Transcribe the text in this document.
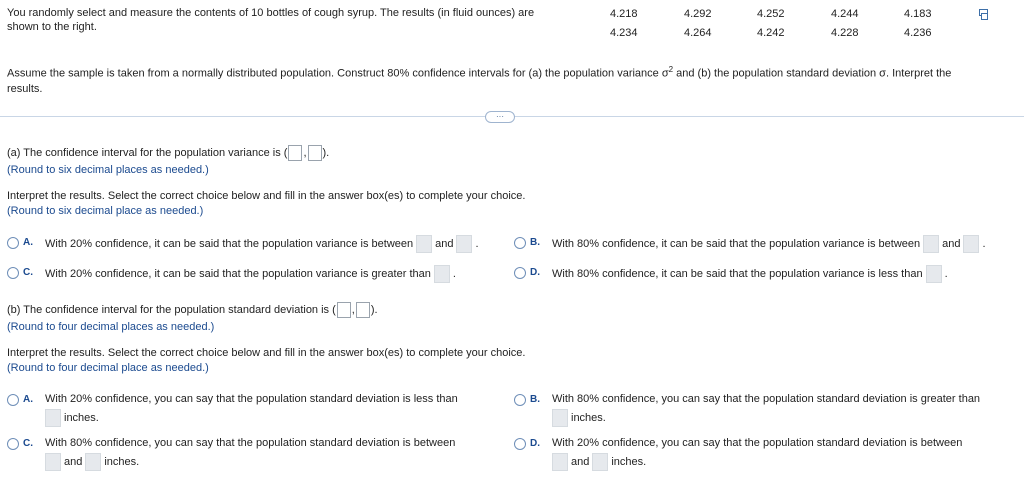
You randomly select and measure the contents of 10 bottles of cough syrup. The results (in fluid ounces) are
shown to the right.
4.218	4.292	4.252	4.244	4.183
4.234	4.264	4.242	4.228	4.236
Assume the sample is taken from a normally distributed population. Construct 80% confidence intervals for (a) the population variance $\sigma^2$ and (b) the population standard deviation σ. Interpret the
results.
···
(a) The confidence interval for the population variance is ( , ).
(Round to six decimal places as needed.)
Interpret the results. Select the correct choice below and fill in the answer box(es) to complete your choice.
(Round to six decimal place as needed.)
A. With 20% confidence, it can be said that the population variance is between and .	B. With 80% confidence, it can be said that the population variance is between and .
C. With 20% confidence, it can be said that the population variance is greater than .	D. With 80% confidence, it can be said that the population variance is less than .
(b) The confidence interval for the population standard deviation is ( , ).
(Round to four decimal places as needed.)
Interpret the results. Select the correct choice below and fill in the answer box(es) to complete your choice.
(Round to four decimal place as needed.)
A. With 20% confidence, you can say that the population standard deviation is less than
inches.
B. With 80% confidence, you can say that the population standard deviation is greater than
inches.
C. With 80% confidence, you can say that the population standard deviation is between
and inches.
D. With 20% confidence, you can say that the population standard deviation is between
and inches.
